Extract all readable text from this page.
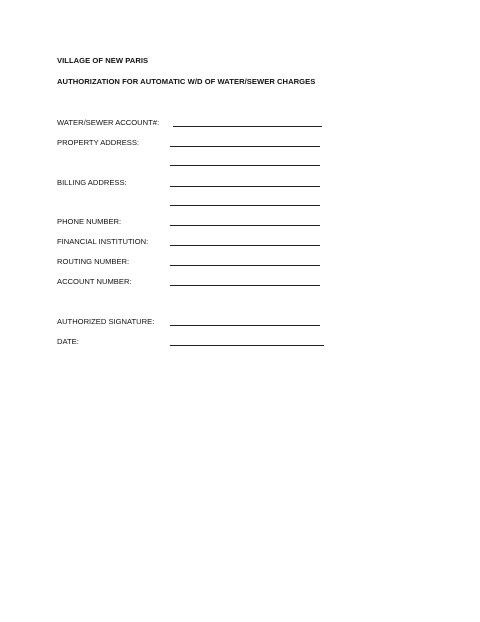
VILLAGE OF NEW PARIS
AUTHORIZATION FOR AUTOMATIC W/D OF WATER/SEWER CHARGES
WATER/SEWER ACCOUNT#:
PROPERTY ADDRESS:
BILLING ADDRESS:
PHONE NUMBER:
FINANCIAL INSTITUTION:
ROUTING NUMBER:
ACCOUNT NUMBER:
AUTHORIZED SIGNATURE:
DATE:
